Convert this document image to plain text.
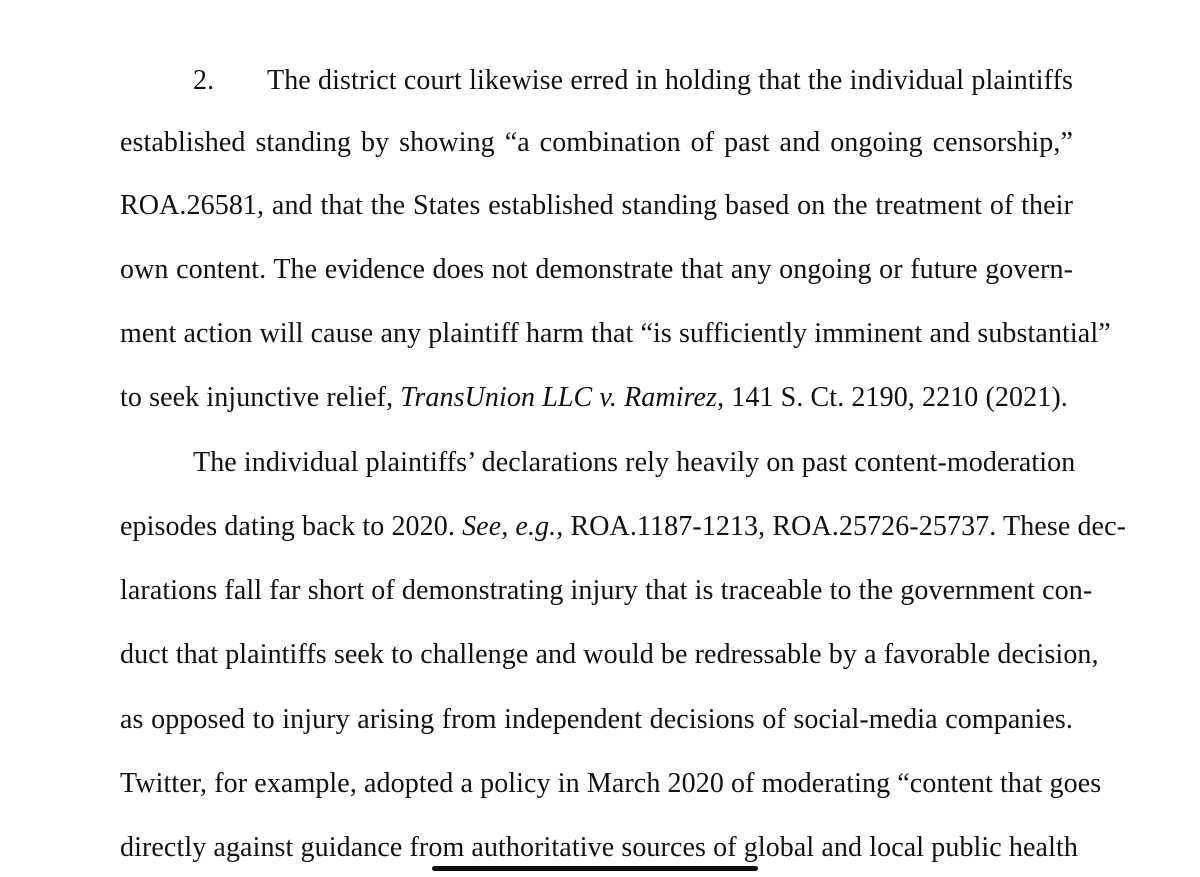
2. The district court likewise erred in holding that the individual plaintiffs
established standing by showing “a combination of past and ongoing censorship,”
ROA.26581, and that the States established standing based on the treatment of their
own content. The evidence does not demonstrate that any ongoing or future govern-
ment action will cause any plaintiff harm that “is sufficiently imminent and substantial”
to seek injunctive relief, TransUnion LLC v. Ramirez, 141 S. Ct. 2190, 2210 (2021).
The individual plaintiffs’ declarations rely heavily on past content-moderation
episodes dating back to 2020. See, e.g., ROA.1187-1213, ROA.25726-25737. These dec-
larations fall far short of demonstrating injury that is traceable to the government con-
duct that plaintiffs seek to challenge and would be redressable by a favorable decision,
as opposed to injury arising from independent decisions of social-media companies.
Twitter, for example, adopted a policy in March 2020 of moderating “content that goes
directly against guidance from authoritative sources of global and local public health
